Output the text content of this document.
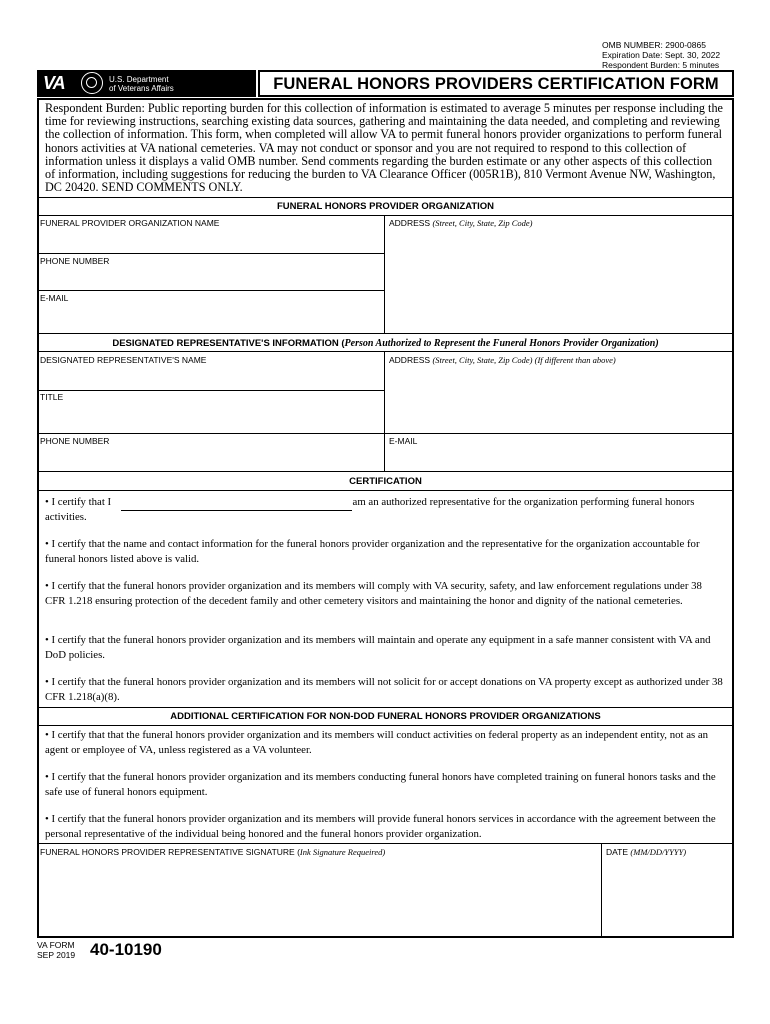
OMB NUMBER: 2900-0865
Expiration Date: Sept. 30, 2022
Respondent Burden: 5 minutes
VA	U.S. Department
of Veterans Affairs	FUNERAL HONORS PROVIDERS CERTIFICATION FORM
Respondent Burden: Public reporting burden for this collection of information is estimated to average 5 minutes per response including the time for reviewing instructions, searching existing data sources, gathering and maintaining the data needed, and completing and reviewing the collection of information. This form, when completed will allow VA to permit funeral honors provider organizations to perform funeral honors activities at VA national cemeteries. VA may not conduct or sponsor and you are not required to respond to this collection of information unless it displays a valid OMB number. Send comments regarding the burden estimate or any other aspects of this collection of information, including suggestions for reducing the burden to VA Clearance Officer (005R1B), 810 Vermont Avenue NW, Washington, DC 20420. SEND COMMENTS ONLY.
FUNERAL HONORS PROVIDER ORGANIZATION
FUNERAL PROVIDER ORGANIZATION NAME	ADDRESS (Street, City, State, Zip Code)
PHONE NUMBER
E-MAIL
DESIGNATED REPRESENTATIVE'S INFORMATION (Person Authorized to Represent the Funeral Honors Provider Organization)
DESIGNATED REPRESENTATIVE'S NAME	ADDRESS (Street, City, State, Zip Code) (If different than above)
TITLE
PHONE NUMBER	E-MAIL
CERTIFICATION
• I certify that I	am an authorized representative for the organization performing funeral honors
activities.
• I certify that the name and contact information for the funeral honors provider organization and the representative for the organization accountable for funeral honors listed above is valid.
• I certify that the funeral honors provider organization and its members will comply with VA security, safety, and law enforcement regulations under 38 CFR 1.218 ensuring protection of the decedent family and other cemetery visitors and maintaining the honor and dignity of the national cemeteries.
• I certify that the funeral honors provider organization and its members will maintain and operate any equipment in a safe manner consistent with VA and DoD policies.
• I certify that the funeral honors provider organization and its members will not solicit for or accept donations on VA property except as authorized under 38 CFR 1.218(a)(8).
ADDITIONAL CERTIFICATION FOR NON-DOD FUNERAL HONORS PROVIDER ORGANIZATIONS
• I certify that that the funeral honors provider organization and its members will conduct activities on federal property as an independent entity, not as an agent or employee of VA, unless registered as a VA volunteer.
• I certify that the funeral honors provider organization and its members conducting funeral honors have completed training on funeral honors tasks and the safe use of funeral honors equipment.
• I certify that the funeral honors provider organization and its members will provide funeral honors services in accordance with the agreement between the personal representative of the individual being honored and the funeral honors provider organization.
FUNERAL HONORS PROVIDER REPRESENTATIVE SIGNATURE (Ink Signature Requeired)	DATE (MM/DD/YYYY)
VA FORM
SEP 2019 40-10190
